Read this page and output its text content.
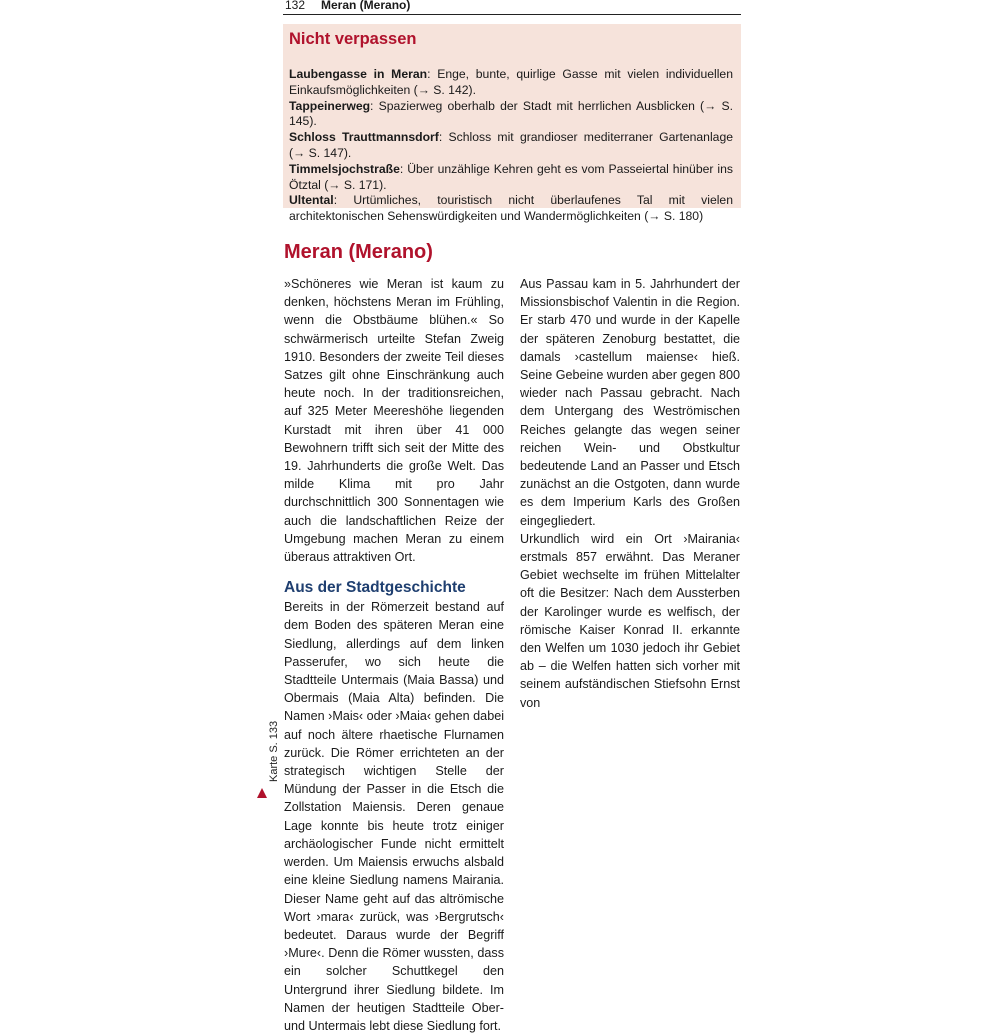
132 Meran (Merano)
Nicht verpassen

Laubengasse in Meran: Enge, bunte, quirlige Gasse mit vielen individuellen Einkaufsmöglichkeiten (→ S. 142).

Tappeinerweg: Spazierweg oberhalb der Stadt mit herrlichen Ausblicken (→ S. 145).

Schloss Trauttmannsdorf: Schloss mit grandioser mediterraner Gartenanlage (→ S. 147).

Timmelsjochstraße: Über unzählige Kehren geht es vom Passeiertal hinüber ins Ötztal (→ S. 171).

Ultental: Urtümliches, touristisch nicht überlaufenes Tal mit vielen architektonischen Sehenswürdigkeiten und Wandermöglichkeiten (→ S. 180)

Meran (Merano)

»Schöneres wie Meran ist kaum zu denken, höchstens Meran im Frühling, wenn die Obstbäume blühen.« So schwärmerisch urteilte Stefan Zweig 1910. Besonders der zweite Teil dieses Satzes gilt ohne Einschränkung auch heute noch. In der traditionsreichen, auf 325 Meter Meereshöhe liegenden Kurstadt mit ihren über 41 000 Bewohnern trifft sich seit der Mitte des 19. Jahrhunderts die große Welt. Das milde Klima mit pro Jahr durchschnittlich 300 Sonnentagen wie auch die landschaftlichen Reize der Umgebung machen Meran zu einem überaus attraktiven Ort.

Aus der Stadtgeschichte

Bereits in der Römerzeit bestand auf dem Boden des späteren Meran eine Siedlung, allerdings auf dem linken Passerufer, wo sich heute die Stadtteile Untermais (Maia Bassa) und Obermais (Maia Alta) befinden. Die Namen ›Mais‹ oder ›Maia‹ gehen dabei auf noch ältere rhaetische Flurnamen zurück. Die Römer errichteten an der strategisch wichtigen Stelle der Mündung der Passer in die Etsch die Zollstation Maiensis. Deren genaue Lage konnte bis heute trotz einiger archäologischer Funde nicht ermittelt werden. Um Maiensis erwuchs alsbald eine kleine Siedlung namens Mairania. Dieser Name geht auf das altrömische Wort ›mara‹ zurück, was ›Bergrutsch‹ bedeutet. Daraus wurde der Begriff ›Mure‹. Denn die Römer wussten, dass ein solcher Schuttkegel den Untergrund ihrer Siedlung bildete. Im Namen der heutigen Stadtteile Ober- und Untermais lebt diese Siedlung fort.

Aus Passau kam in 5. Jahrhundert der Missionsbischof Valentin in die Region. Er starb 470 und wurde in der Kapelle der späteren Zenoburg bestattet, die damals ›castellum maiense‹ hieß. Seine Gebeine wurden aber gegen 800 wieder nach Passau gebracht. Nach dem Untergang des Weströmischen Reiches gelangte das wegen seiner reichen Wein- und Obstkultur bedeutende Land an Passer und Etsch zunächst an die Ostgoten, dann wurde es dem Imperium Karls des Großen eingegliedert.

Urkundlich wird ein Ort ›Mairania‹ erstmals 857 erwähnt. Das Meraner Gebiet wechselte im frühen Mittelalter oft die Besitzer: Nach dem Aussterben der Karolinger wurde es welfisch, der römische Kaiser Konrad II. erkannte den Welfen um 1030 jedoch ihr Gebiet ab – die Welfen hatten sich vorher mit seinem aufständischen Stiefsohn Ernst von

Karte S. 133
